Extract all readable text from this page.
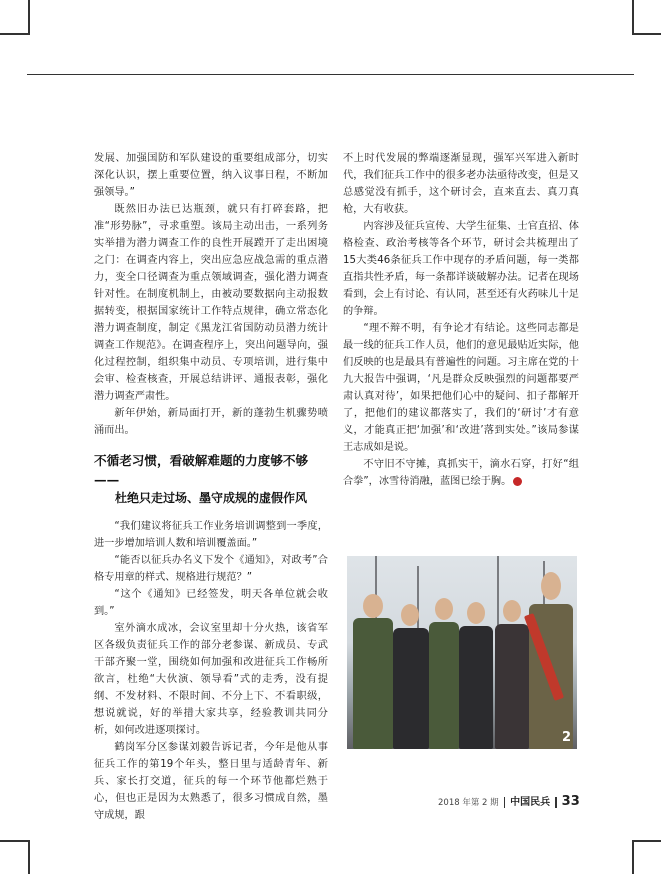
发展、加强国防和军队建设的重要组成部分，切实深化认识，摆上重要位置，纳入议事日程，不断加强领导。”

既然旧办法已达瓶颈，就只有打碎套路，把准“形势脉”，寻求重塑。该局主动出击，一系列务实举措为潜力调查工作的良性开展蹚开了走出困境之门：在调查内容上，突出应急应战急需的重点潜力，变全口径调查为重点领域调查，强化潜力调查针对性。在制度机制上，由被动要数据向主动报数据转变，根据国家统计工作特点规律，确立常态化潜力调查制度，制定《黑龙江省国防动员潜力统计调查工作规范》。在调查程序上，突出问题导向，强化过程控制，组织集中动员、专项培训，进行集中会审、检查核查，开展总结讲评、通报表彰，强化潜力调查严肃性。

新年伊始，新局面打开，新的蓬勃生机骤势喷涌而出。

不循老习惯，看破解难题的力度够不够——
杜绝只走过场、墨守成规的虚假作风

“我们建议将征兵工作业务培训调整到一季度，进一步增加培训人数和培训覆盖面。”

“能否以征兵办名义下发个《通知》，对政考”合格专用章的样式、规格进行规范？”

“这个《通知》已经签发，明天各单位就会收到。”

室外滴水成冰，会议室里却十分火热，该省军区各级负责征兵工作的部分老参谋、新成员、专武干部齐聚一堂，围绕如何加强和改进征兵工作畅所欲言，杜绝“大伙演、领导看”式的走秀，没有提纲、不发材料、不限时间、不分上下、不看职级，想说就说，好的举措大家共享，经验教训共同分析，如何改进逐项探讨。

鹤岗军分区参谋刘毅告诉记者，今年是他从事征兵工作的第19个年头，整日里与适龄青年、新兵、家长打交道，征兵的每一个环节他都烂熟于心，但也正是因为太熟悉了，很多习惯成自然，墨守成规，跟

不上时代发展的弊端逐渐显现，强军兴军进入新时代，我们征兵工作中的很多老办法亟待改变，但是又总感觉没有抓手，这个研讨会，直来直去、真刀真枪，大有收获。

内容涉及征兵宣传、大学生征集、士官直招、体格检查、政治考核等各个环节，研讨会共梳理出了15大类46条征兵工作中现存的矛盾问题，每一类都直指共性矛盾，每一条都详谈破解办法。记者在现场看到，会上有讨论、有认同，甚至还有火药味儿十足的争辩。

“理不辩不明，有争论才有结论。这些同志都是最一线的征兵工作人员，他们的意见最贴近实际，他们反映的也是最具有普遍性的问题。习主席在党的十九大报告中强调，‘凡是群众反映强烈的问题都要严肃认真对待’，如果把他们心中的疑问、扣子都解开了，把他们的建议都落实了，我们的‘研讨’才有意义，才能真正把‘加强’和‘改进’落到实处。”该局参谋王志成如是说。

不守旧不守摊，真抓实干，滴水石穿，打好“组合拳”，冰雪待消融，蓝图已绘于胸。

2
2018 年第 2 期 中国民兵 33
